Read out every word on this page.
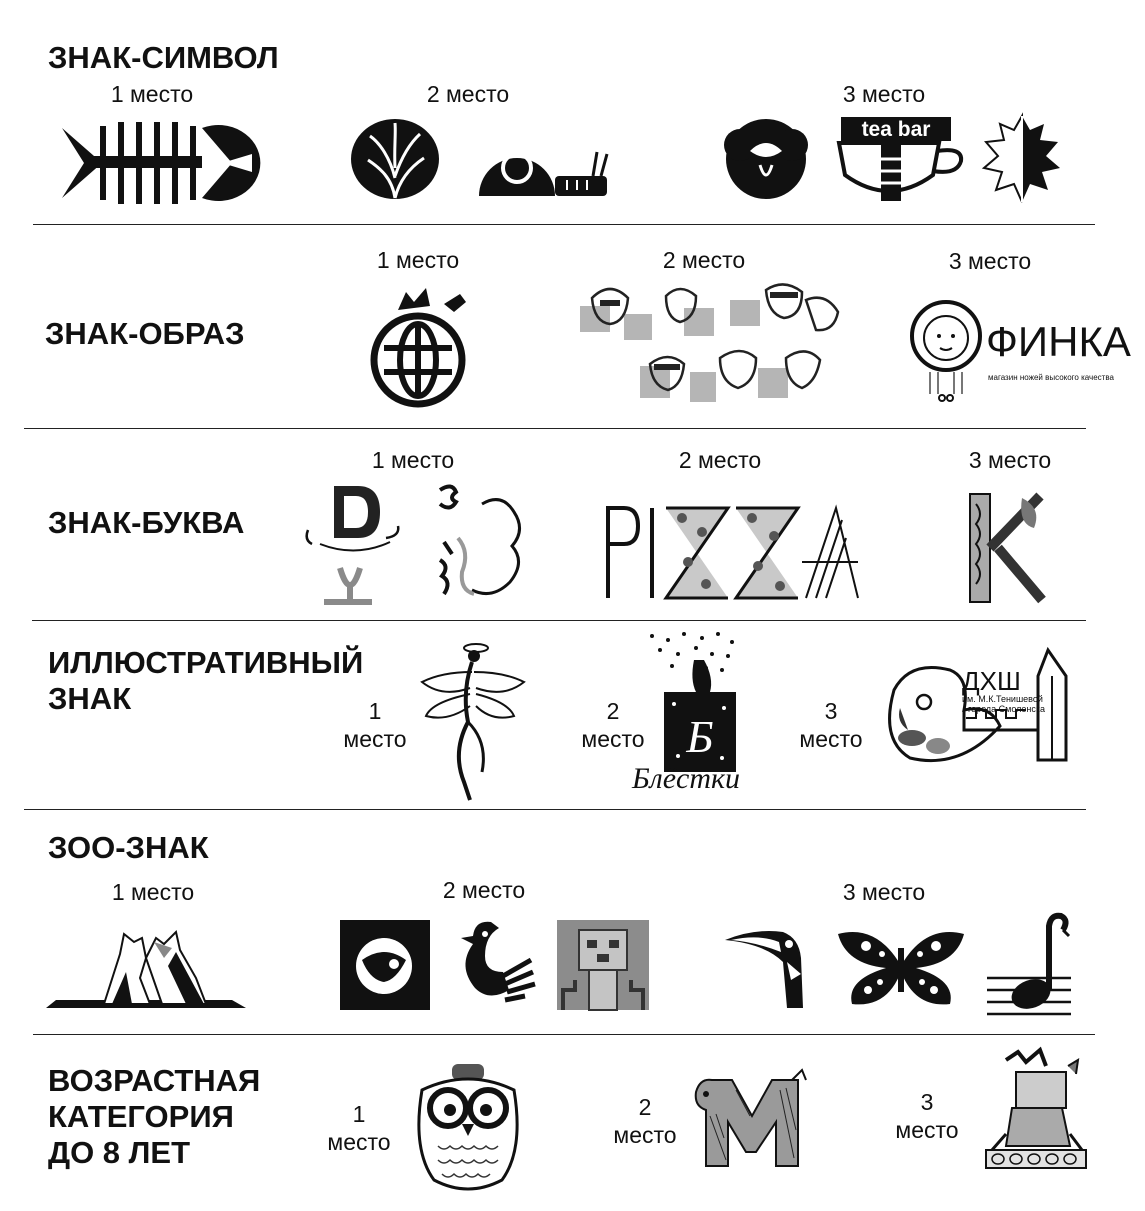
ЗНАК-СИМВОЛ
1 место	2 место	3 место
tea bar
ЗНАК-ОБРАЗ
1 место	2 место	3 место
ФИНКА
магазин ножей высокого качества
ЗНАК-БУКВА
1 место	2 место	3 место
ИЛЛЮСТРАТИВНЫЙ
ЗНАК	1
место
2
место
3
место
Б
Блёстки
ДХШ
им. М.К.Тенишевой
города Смоленска
ЗОО-ЗНАК
1 место	2 место	3 место
ВОЗРАСТНАЯ
КАТЕГОРИЯ
ДО 8 ЛЕТ
1
место
2
место
3
место
